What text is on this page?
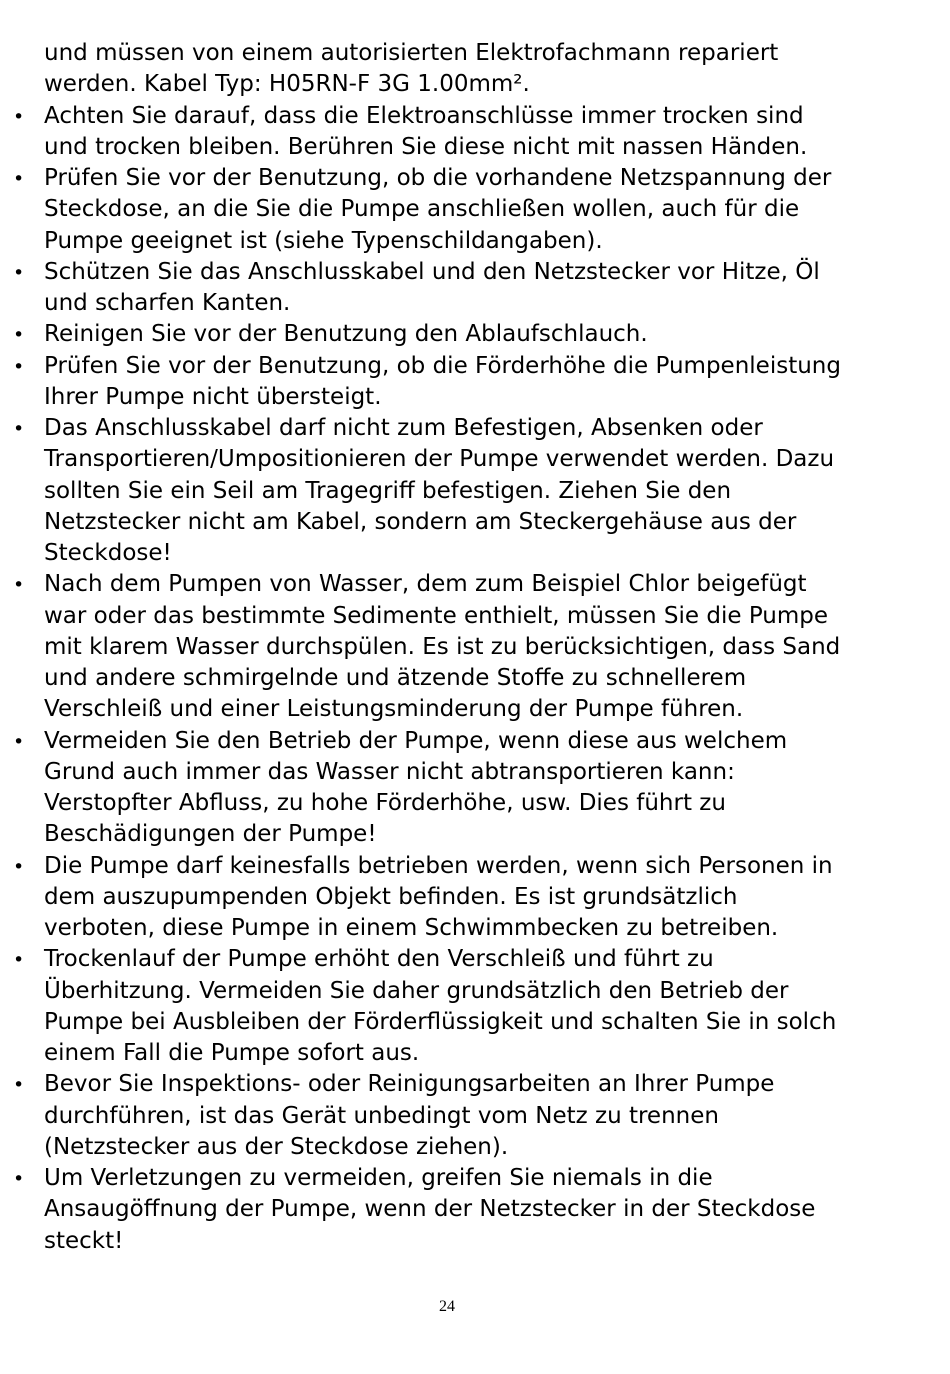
und müssen von einem autorisierten Elektrofachmann repariert
werden. Kabel Typ: H05RN-F 3G 1.00mm².
• Achten Sie darauf, dass die Elektroanschlüsse immer trocken sind
und trocken bleiben. Berühren Sie diese nicht mit nassen Händen.
• Prüfen Sie vor der Benutzung, ob die vorhandene Netzspannung der
Steckdose, an die Sie die Pumpe anschließen wollen, auch für die
Pumpe geeignet ist (siehe Typenschildangaben).
• Schützen Sie das Anschlusskabel und den Netzstecker vor Hitze, Öl
und scharfen Kanten.
• Reinigen Sie vor der Benutzung den Ablaufschlauch.
• Prüfen Sie vor der Benutzung, ob die Förderhöhe die Pumpenleistung
Ihrer Pumpe nicht übersteigt.
• Das Anschlusskabel darf nicht zum Befestigen, Absenken oder
Transportieren/Umpositionieren der Pumpe verwendet werden. Dazu
sollten Sie ein Seil am Tragegriff befestigen. Ziehen Sie den
Netzstecker nicht am Kabel, sondern am Steckergehäuse aus der
Steckdose!
• Nach dem Pumpen von Wasser, dem zum Beispiel Chlor beigefügt
war oder das bestimmte Sedimente enthielt, müssen Sie die Pumpe
mit klarem Wasser durchspülen. Es ist zu berücksichtigen, dass Sand
und andere schmirgelnde und ätzende Stoffe zu schnellerem
Verschleiß und einer Leistungsminderung der Pumpe führen.
• Vermeiden Sie den Betrieb der Pumpe, wenn diese aus welchem
Grund auch immer das Wasser nicht abtransportieren kann:
Verstopfter Abfluss, zu hohe Förderhöhe, usw. Dies führt zu
Beschädigungen der Pumpe!
• Die Pumpe darf keinesfalls betrieben werden, wenn sich Personen in
dem auszupumpenden Objekt befinden. Es ist grundsätzlich
verboten, diese Pumpe in einem Schwimmbecken zu betreiben.
• Trockenlauf der Pumpe erhöht den Verschleiß und führt zu
Überhitzung. Vermeiden Sie daher grundsätzlich den Betrieb der
Pumpe bei Ausbleiben der Förderflüssigkeit und schalten Sie in solch
einem Fall die Pumpe sofort aus.
• Bevor Sie Inspektions- oder Reinigungsarbeiten an Ihrer Pumpe
durchführen, ist das Gerät unbedingt vom Netz zu trennen
(Netzstecker aus der Steckdose ziehen).
• Um Verletzungen zu vermeiden, greifen Sie niemals in die
Ansaugöffnung der Pumpe, wenn der Netzstecker in der Steckdose
steckt!
24
